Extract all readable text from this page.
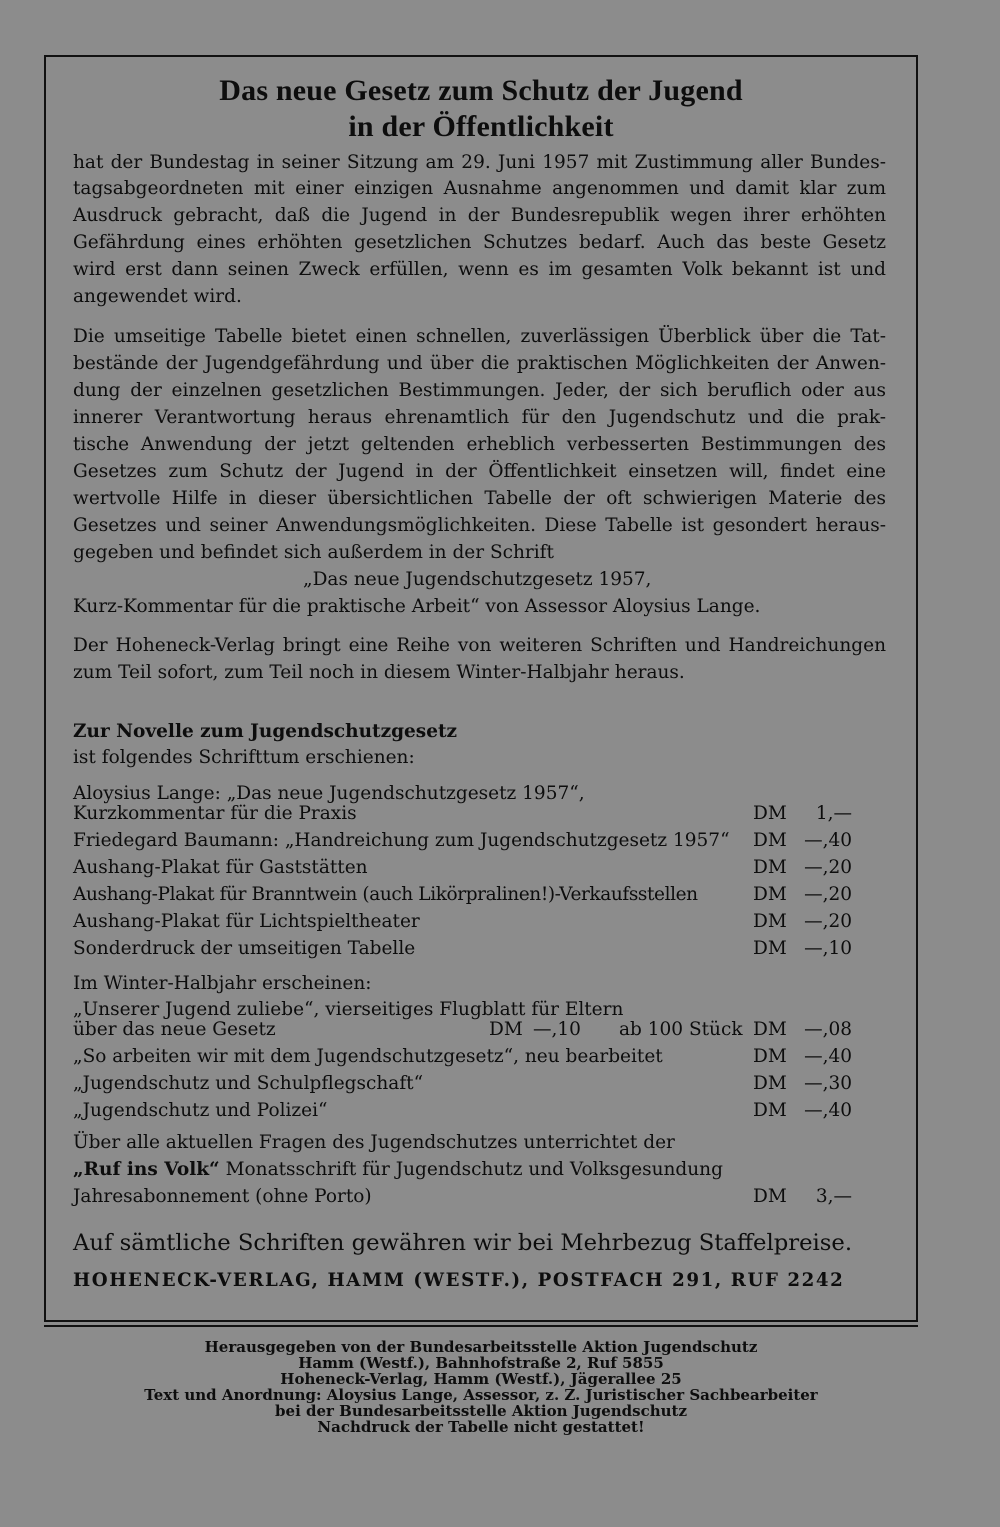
Das neue Gesetz zum Schutz der Jugend
in der Öffentlichkeit
hat der Bundestag in seiner Sitzung am 29. Juni 1957 mit Zustimmung aller Bundes-
tagsabgeordneten mit einer einzigen Ausnahme angenommen und damit klar zum
Ausdruck gebracht, daß die Jugend in der Bundesrepublik wegen ihrer erhöhten
Gefährdung eines erhöhten gesetzlichen Schutzes bedarf. Auch das beste Gesetz
wird erst dann seinen Zweck erfüllen, wenn es im gesamten Volk bekannt ist und
angewendet wird.
Die umseitige Tabelle bietet einen schnellen, zuverlässigen Überblick über die Tat-
bestände der Jugendgefährdung und über die praktischen Möglichkeiten der Anwen-
dung der einzelnen gesetzlichen Bestimmungen. Jeder, der sich beruflich oder aus
innerer Verantwortung heraus ehrenamtlich für den Jugendschutz und die prak-
tische Anwendung der jetzt geltenden erheblich verbesserten Bestimmungen des
Gesetzes zum Schutz der Jugend in der Öffentlichkeit einsetzen will, findet eine
wertvolle Hilfe in dieser übersichtlichen Tabelle der oft schwierigen Materie des
Gesetzes und seiner Anwendungsmöglichkeiten. Diese Tabelle ist gesondert heraus-
gegeben und befindet sich außerdem in der Schrift
„Das neue Jugendschutzgesetz 1957,
Kurz-Kommentar für die praktische Arbeit“ von Assessor Aloysius Lange.
Der Hoheneck-Verlag bringt eine Reihe von weiteren Schriften und Handreichungen
zum Teil sofort, zum Teil noch in diesem Winter-Halbjahr heraus.
Zur Novelle zum Jugendschutzgesetz
ist folgendes Schrifttum erschienen:
Aloysius Lange: „Das neue Jugendschutzgesetz 1957“,
Kurzkommentar für die Praxis	DM	1,—
Friedegard Baumann: „Handreichung zum Jugendschutzgesetz 1957“ DM —,40
Aushang-Plakat für Gaststätten	DM —,20
Aushang-Plakat für Branntwein (auch Likörpralinen!)-Verkaufsstellen	DM —,20
Aushang-Plakat für Lichtspieltheater	DM —,20
Sonderdruck der umseitigen Tabelle	DM —,10
Im Winter-Halbjahr erscheinen:
„Unserer Jugend zuliebe“, vierseitiges Flugblatt für Eltern
über das neue Gesetz	DM —,10 ab 100 Stück DM —,08
„So arbeiten wir mit dem Jugendschutzgesetz“, neu bearbeitet	DM —,40
„Jugendschutz und Schulpflegschaft“	DM —,30
„Jugendschutz und Polizei“	DM —,40
Über alle aktuellen Fragen des Jugendschutzes unterrichtet der
„Ruf ins Volk“ Monatsschrift für Jugendschutz und Volksgesundung
Jahresabonnement (ohne Porto)	DM	3,—
Auf sämtliche Schriften gewähren wir bei Mehrbezug Staffelpreise.
HOHENECK-VERLAG, HAMM (WESTF.), POSTFACH 291, RUF 2242
Herausgegeben von der Bundesarbeitsstelle Aktion Jugendschutz
Hamm (Westf.), Bahnhofstraße 2, Ruf 5855
Hoheneck-Verlag, Hamm (Westf.), Jägerallee 25
Text und Anordnung: Aloysius Lange, Assessor, z. Z. Juristischer Sachbearbeiter
bei der Bundesarbeitsstelle Aktion Jugendschutz
Nachdruck der Tabelle nicht gestattet!
